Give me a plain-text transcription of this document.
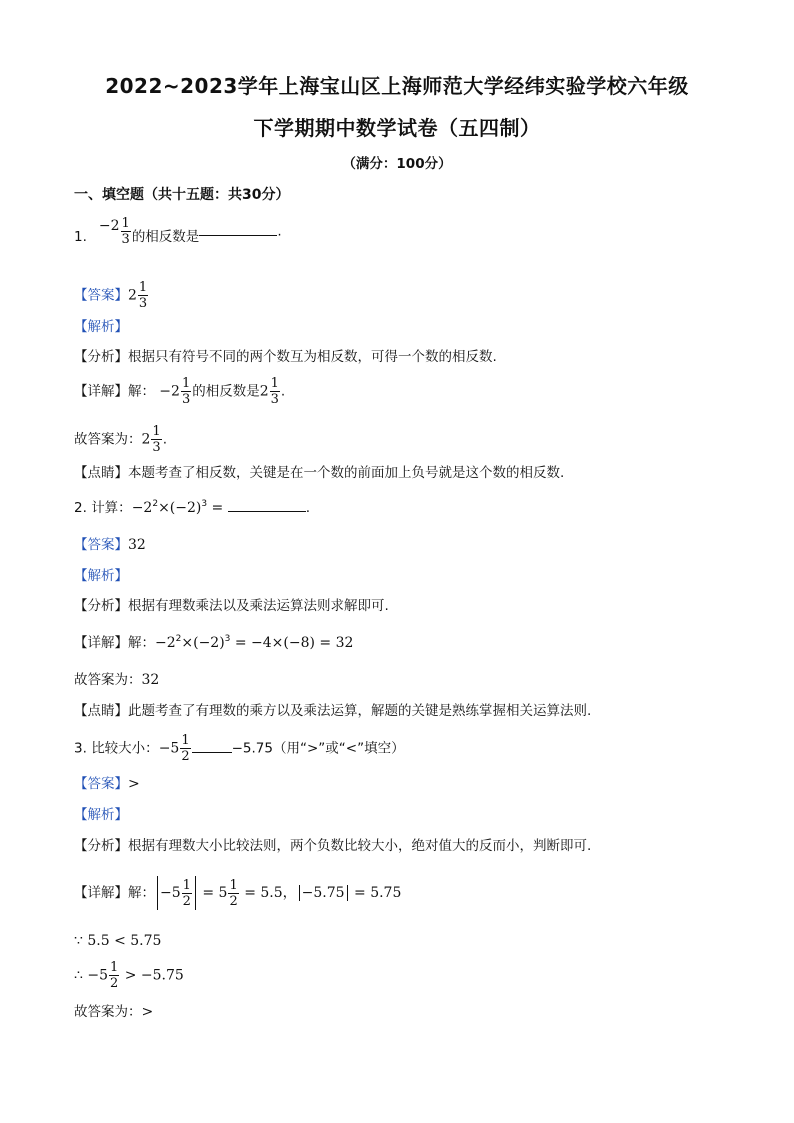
2022~2023学年上海宝山区上海师范大学经纬实验学校六年级
下学期期中数学试卷（五四制）
（满分：100分）
一、填空题（共十五题：共30分）
$1.-2 \frac{1}{3}$ 的相反数是	.
【答案】$2 \frac{1}{3}$
【解析】
【分析】根据只有符号不同的两个数互为相反数，可得一个数的相反数.
【详解】解： $-2 \frac{1}{3}$ 的相反数是$2 \frac{1}{3}$ .
故答案为：$2 \frac{1}{3}$ .
【点睛】本题考查了相反数，关键是在一个数的前面加上负号就是这个数的相反数.
2. 计算：$-2^2\times(-2)^3$ =	.
【答案】32
【解析】
【分析】根据有理数乘法以及乘法运算法则求解即可.
【详解】解：$-2^2\times(-2)^3 = -4\times(-8) = 32$
故答案为：32
【点睛】此题考查了有理数的乘方以及乘法运算，解题的关键是熟练掌握相关运算法则.
3. 比较大小：$-5 \frac{1}{2}$	−5.75（用“>”或“<”填空）
【答案】>
【解析】
【分析】根据有理数大小比较法则，两个负数比较大小，绝对值大的反而小，判断即可.
【详解】解： $-5 \frac{1}{2} = 5 \frac{1}{2} = 5.5$， −5.75 = 5.75
∵ 5.5 < 5.75
∴ $-5 \frac{1}{2} > -5.75$
故答案为：>
